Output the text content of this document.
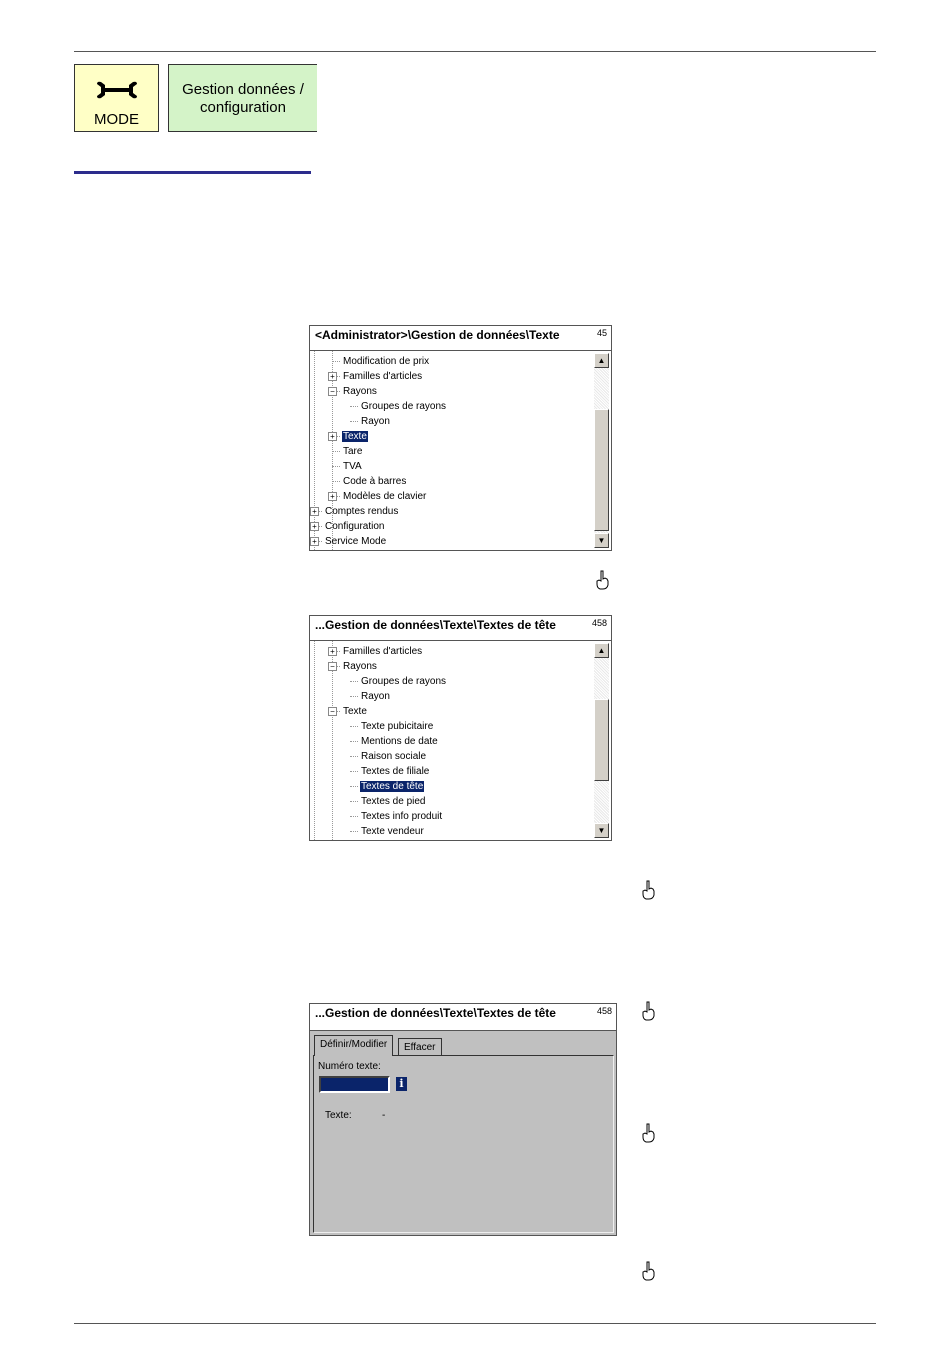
MODE
Gestion données /
configuration
<Administrator>\Gestion de données\Texte	45
Modification de prix
+ Familles d'articles
− Rayons
Groupes de rayons
Rayon
+ Texte
Tare
TVA
Code à barres
+ Modèles de clavier
+ Comptes rendus
+ Configuration
+ Service Mode
▲
▼
...Gestion de données\Texte\Textes de tête	458
+ Familles d'articles
− Rayons
Groupes de rayons
Rayon
− Texte
Texte pubicitaire
Mentions de date
Raison sociale
Textes de filiale
Textes de tête
Textes de pied
Textes info produit
Texte vendeur
▲
▼
...Gestion de données\Texte\Textes de tête	458
Définir/Modifier	Effacer
Numéro texte:
i
Texte:	-
